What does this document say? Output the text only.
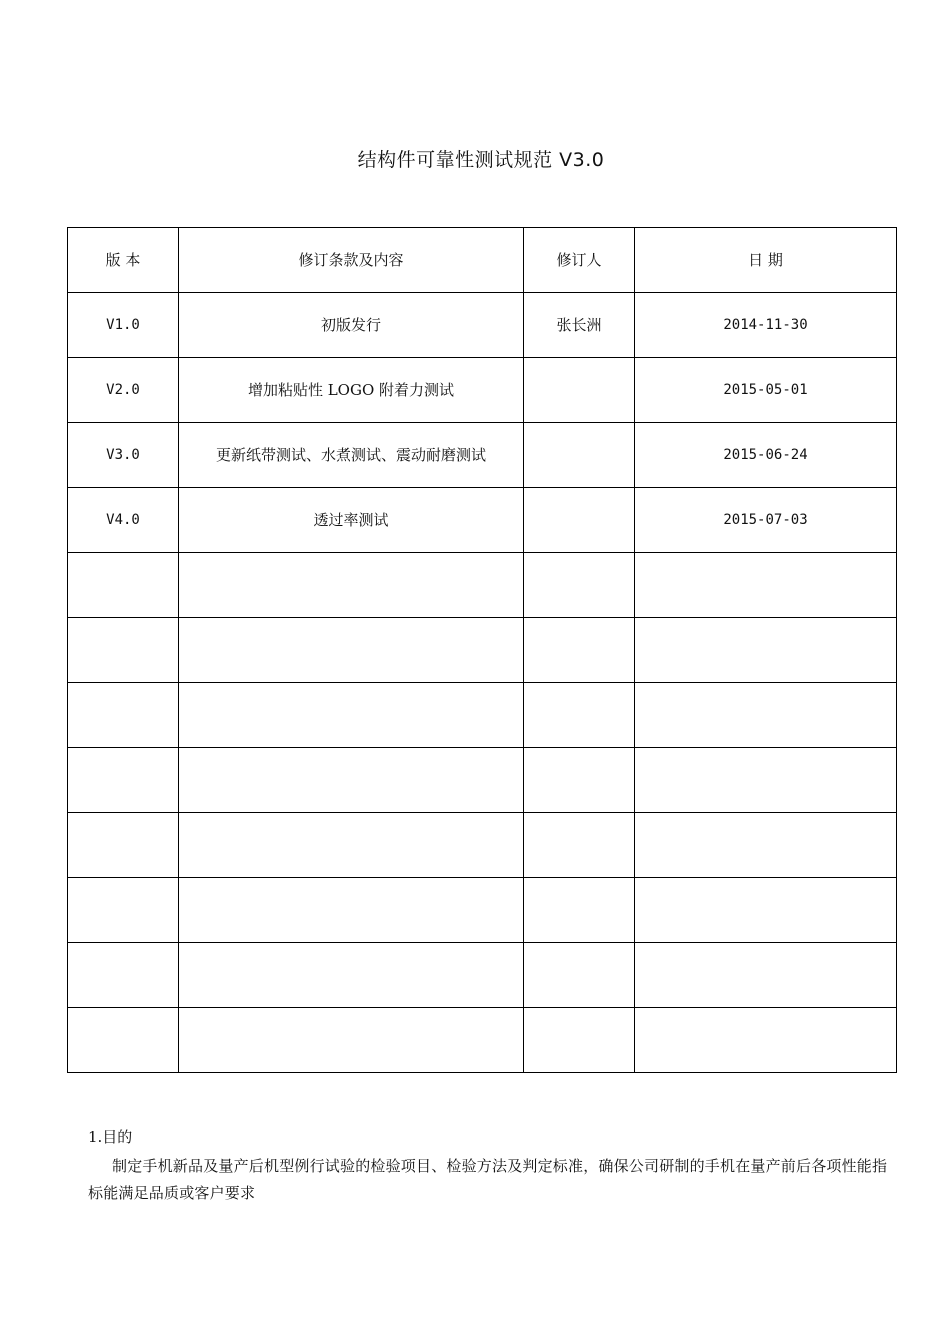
结构件可靠性测试规范 V3.0
版 本	修订条款及内容	修订人	日 期
V1.0	初版发行	张长洲	2014-11-30
V2.0	增加粘贴性 LOGO 附着力测试		2015-05-01
V3.0	更新纸带测试、水煮测试、震动耐磨测试		2015-06-24
V4.0	透过率测试		2015-07-03

1.目的
制定手机新品及量产后机型例行试验的检验项目、检验方法及判定标准，确保公司研制的手机在量产前后各项性能指标能满足品质或客户要求
